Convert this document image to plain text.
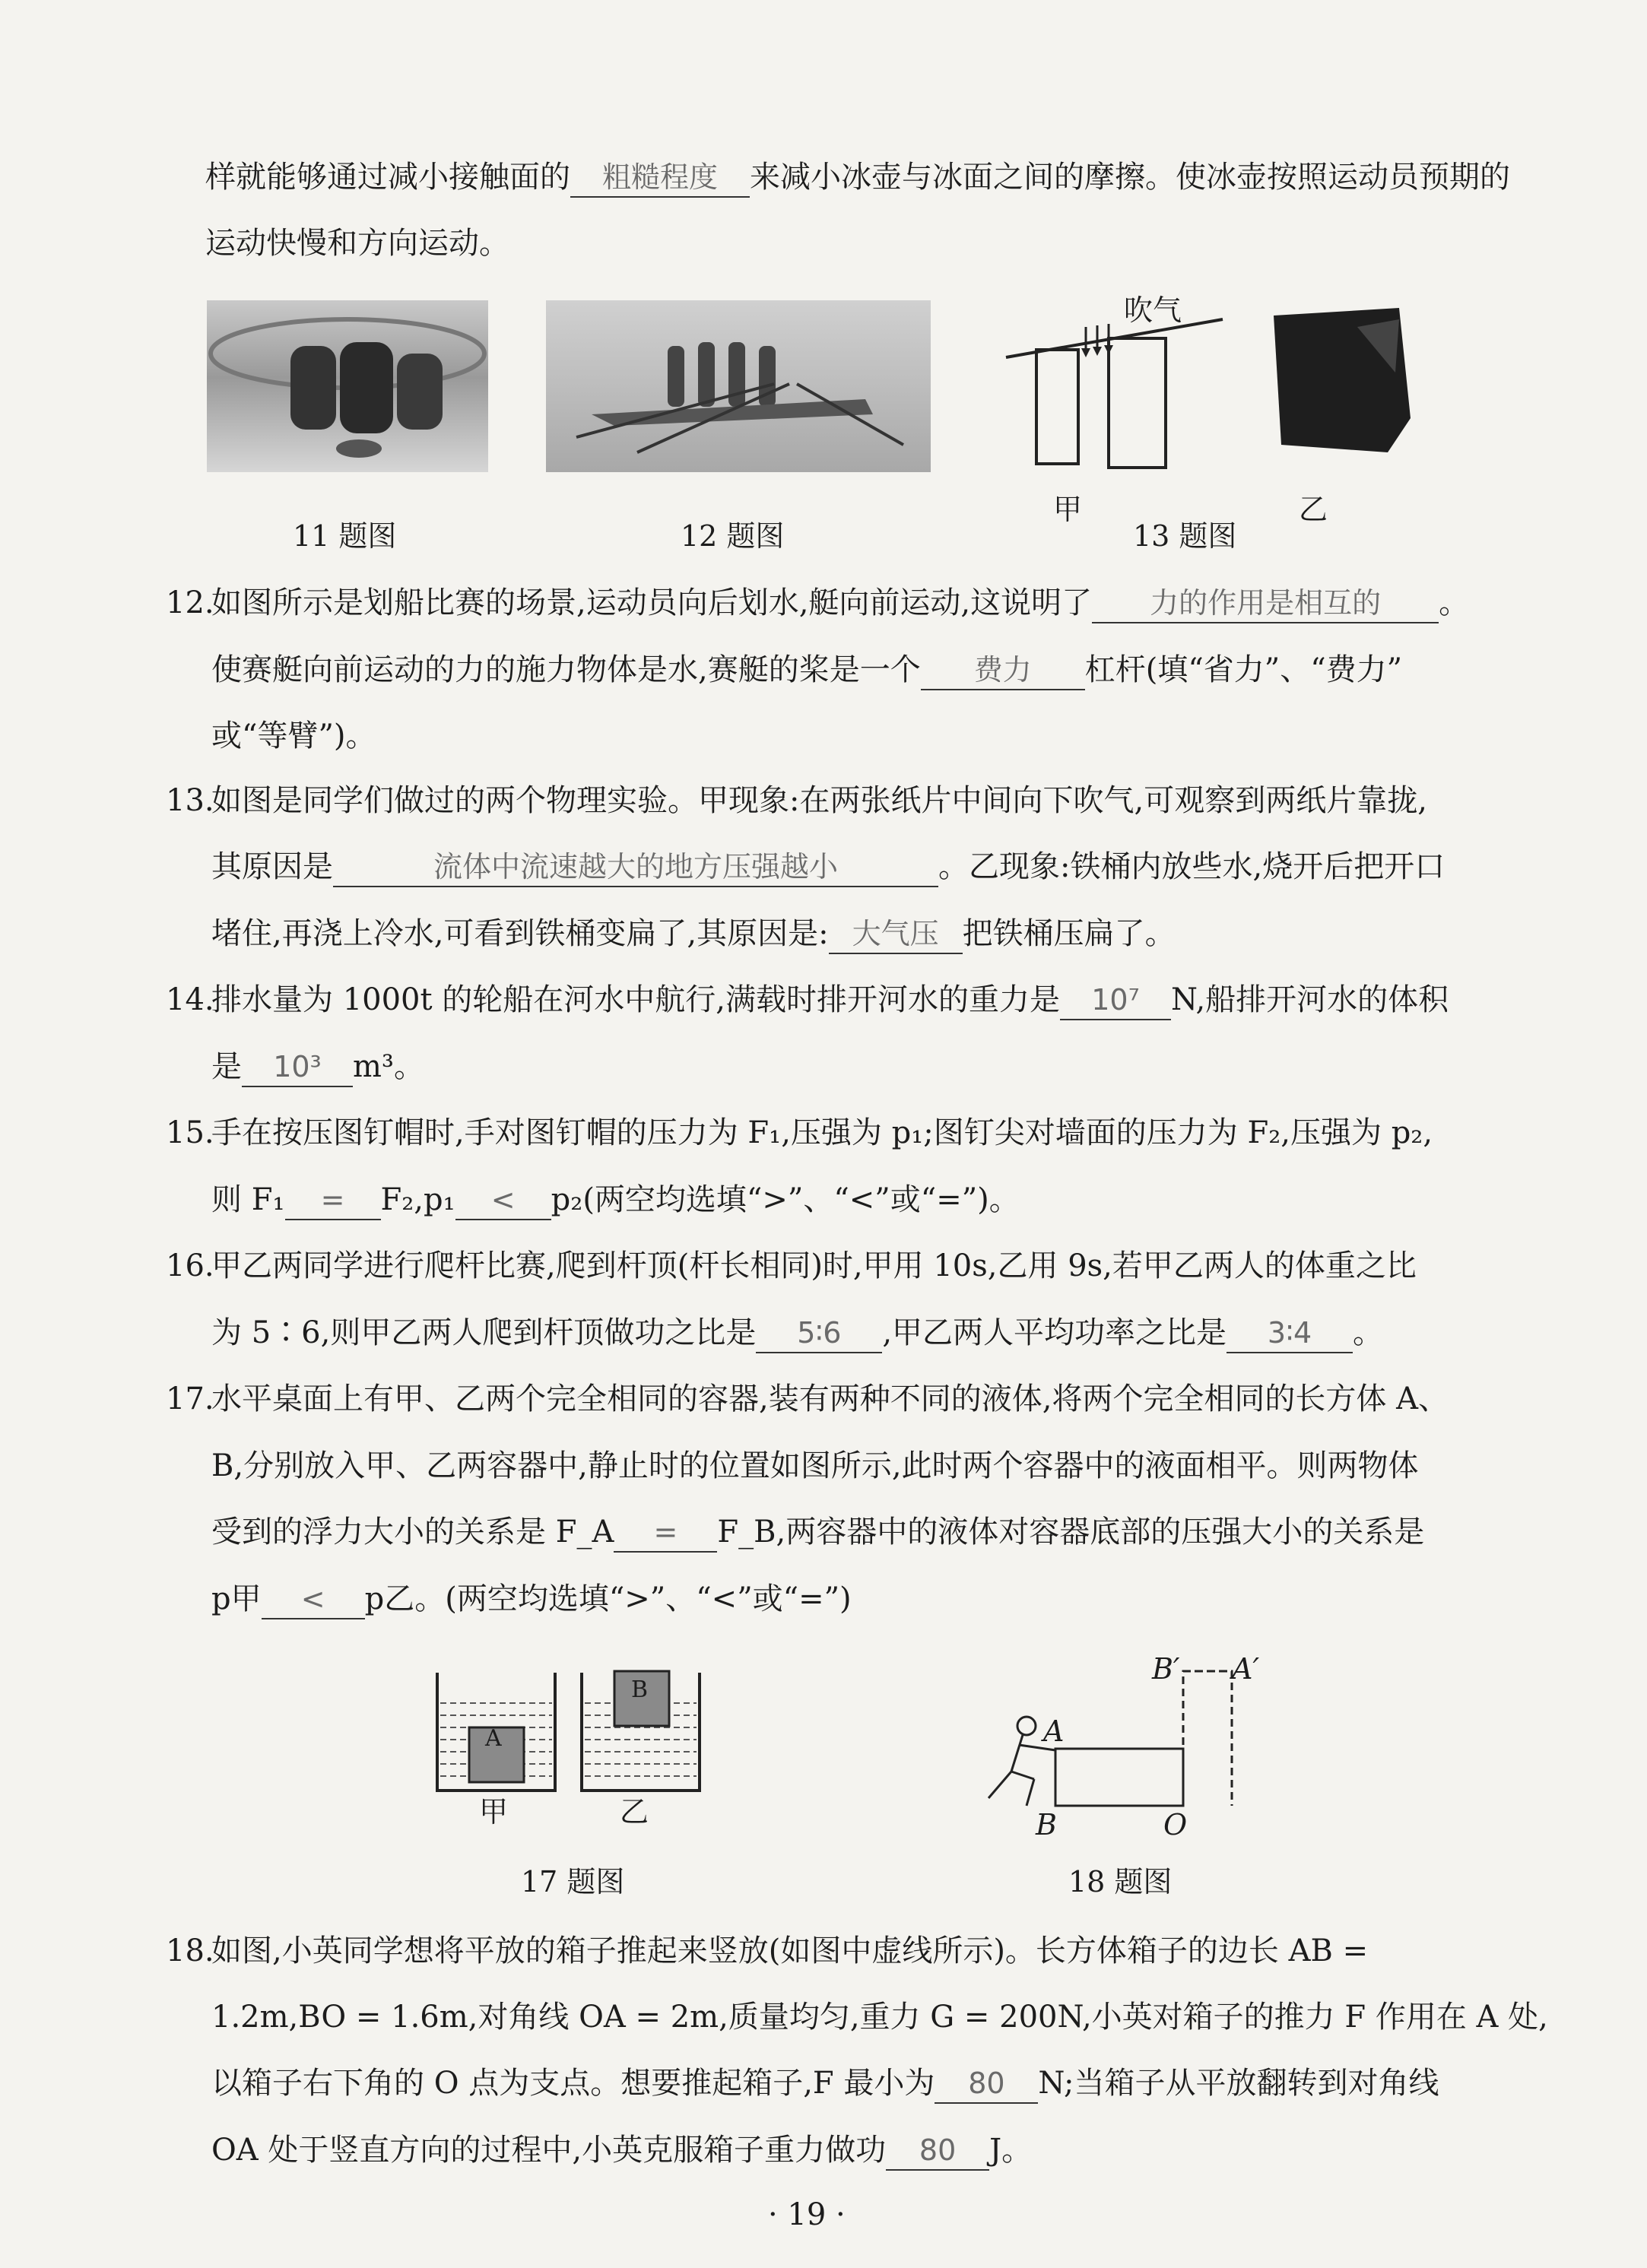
样就能够通过减小接触面的 粗糙程度 来减小冰壶与冰面之间的摩擦。使冰壶按照运动员预期的
运动快慢和方向运动。
吹气
甲	乙
11 题图	12 题图	13 题图
12.如图所示是划船比赛的场景,运动员向后划水,艇向前运动,这说明了 力的作用是相互的 。
使赛艇向前运动的力的施力物体是水,赛艇的桨是一个 费力 杠杆(填“省力”、“费力”
或“等臂”)。
13.如图是同学们做过的两个物理实验。甲现象:在两张纸片中间向下吹气,可观察到两纸片靠拢,
其原因是	流体中流速越大的地方压强越小	。乙现象:铁桶内放些水,烧开后把开口
堵住,再浇上冷水,可看到铁桶变扁了,其原因是: 大气压 把铁桶压扁了。
14.排水量为 1000t 的轮船在河水中航行,满载时排开河水的重力是 10⁷ N,船排开河水的体积
是 10³ m³。
15.手在按压图钉帽时,手对图钉帽的压力为 F₁,压强为 p₁;图钉尖对墙面的压力为 F₂,压强为 p₂,
则 F₁ = F₂,p₁ < p₂(两空均选填“>”、“<”或“=”)。
16.甲乙两同学进行爬杆比赛,爬到杆顶(杆长相同)时,甲用 10s,乙用 9s,若甲乙两人的体重之比
为 5∶6,则甲乙两人爬到杆顶做功之比是 5∶6 ,甲乙两人平均功率之比是 3∶4 。
17.水平桌面上有甲、乙两个完全相同的容器,装有两种不同的液体,将两个完全相同的长方体 A、
B,分别放入甲、乙两容器中,静止时的位置如图所示,此时两个容器中的液面相平。则两物体
受到的浮力大小的关系是 F_A = F_B,两容器中的液体对容器底部的压强大小的关系是
p甲 < p乙。(两空均选填“>”、“<”或“=”)
A
B
甲	乙
B′ A′
A
B	O
17 题图	18 题图
18.如图,小英同学想将平放的箱子推起来竖放(如图中虚线所示)。长方体箱子的边长 AB =
1.2m,BO = 1.6m,对角线 OA = 2m,质量均匀,重力 G = 200N,小英对箱子的推力 F 作用在 A 处,
以箱子右下角的 O 点为支点。想要推起箱子,F 最小为 80 N;当箱子从平放翻转到对角线
OA 处于竖直方向的过程中,小英克服箱子重力做功 80 J。
· 19 ·
